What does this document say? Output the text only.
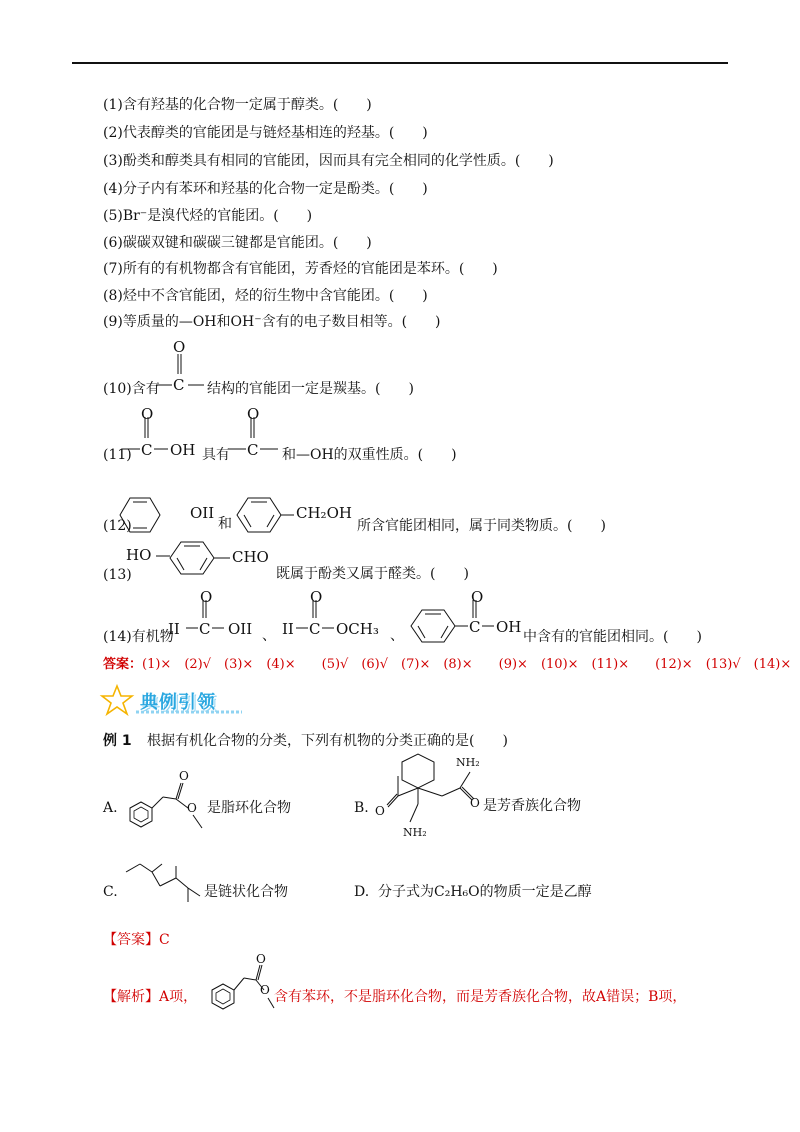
(1)含有羟基的化合物一定属于醇类。(　　)
(2)代表醇类的官能团是与链烃基相连的羟基。(　　)
(3)酚类和醇类具有相同的官能团，因而具有完全相同的化学性质。(　　)
(4)分子内有苯环和羟基的化合物一定是酚类。(　　)
(5)Br⁻是溴代烃的官能团。(　　)
(6)碳碳双键和碳碳三键都是官能团。(　　)
(7)所有的有机物都含有官能团，芳香烃的官能团是苯环。(　　)
(8)烃中不含官能团，烃的衍生物中含官能团。(　　)
(9)等质量的—OH和OH⁻含有的电子数目相等。(　　)
(10)含有
O
C 结构的官能团一定是羰基。(　　)
(11)
O
C OH 具有
O
C 和—OH的双重性质。(　　)
(12)
OII
和
CH₂OH
所含官能团相同，属于同类物质。(　　)
(13)
HO	CHO
既属于酚类又属于醛类。(　　)
(14)有机物
II
O
C OII 、 II
O
C OCH₃ 、
O
C OH
中含有的官能团相同。(　　)
答案：(1)×　(2)√　(3)×　(4)×　　(5)√　(6)√　(7)×　(8)×　　(9)×　(10)×　(11)×　　(12)×　(13)√　(14)×
典例引领
例 1 根据有机化合物的分类，下列有机物的分类正确的是(　　)
A.
O
O 是脂环化合物	B.
NH₂
O
O
NH₂
是芳香族化合物
C.	是链状化合物	D. 分子式为C₂H₆O的物质一定是乙醇
【答案】C
【解析】A项，
O
O 含有苯环，不是脂环化合物，而是芳香族化合物，故A错误；B项，
